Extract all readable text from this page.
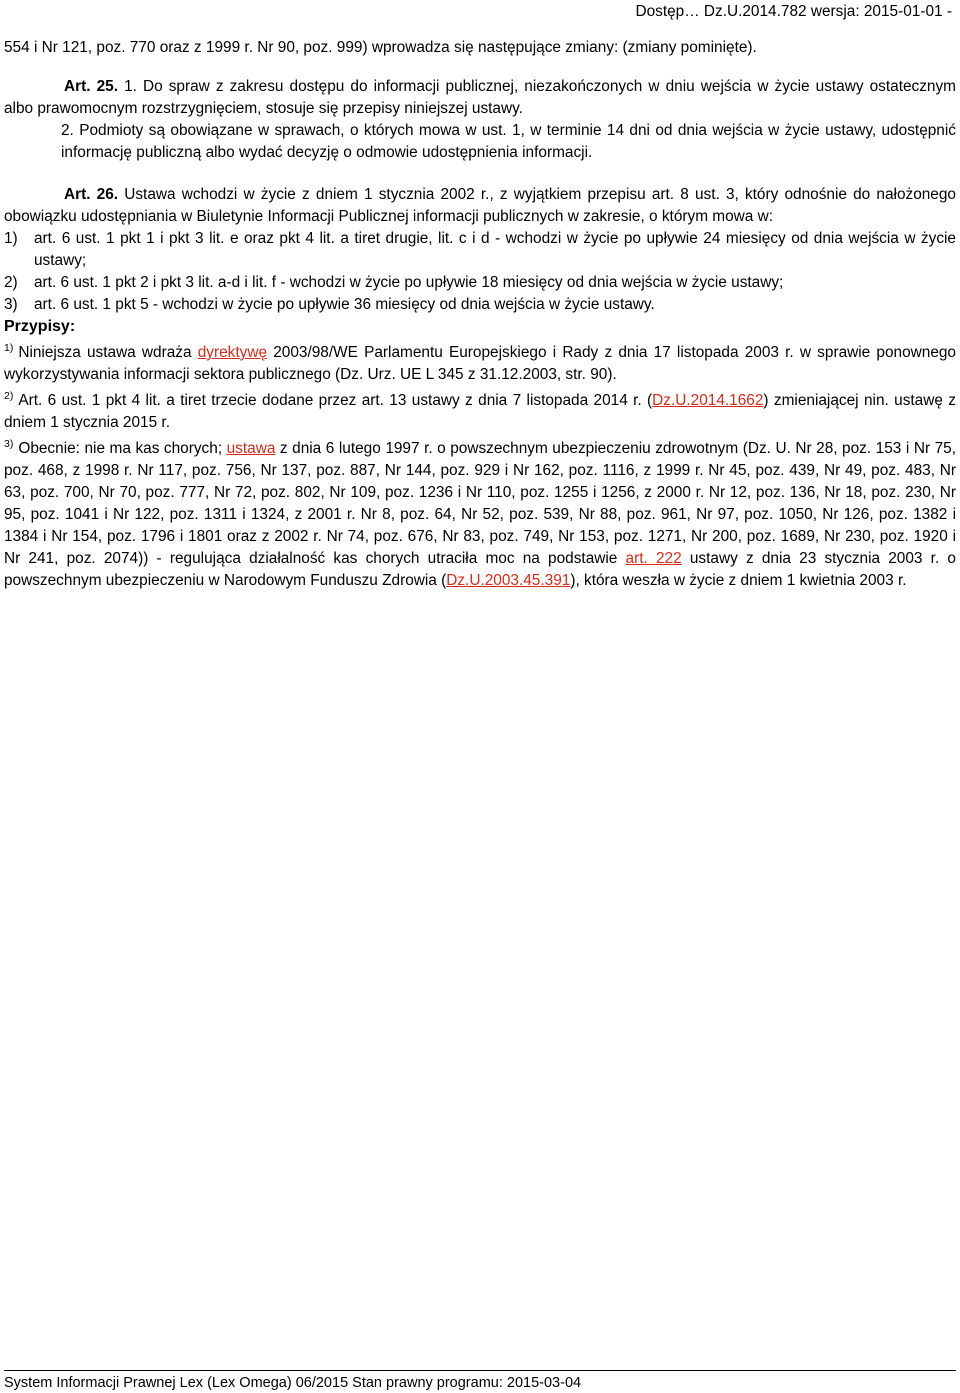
Dostęp… Dz.U.2014.782 wersja: 2015-01-01 -

554 i Nr 121, poz. 770 oraz z 1999 r. Nr 90, poz. 999) wprowadza się następujące zmiany: (zmiany pominięte).

Art. 25. 1. Do spraw z zakresu dostępu do informacji publicznej, niezakończonych w dniu wejścia w życie ustawy ostatecznym albo prawomocnym rozstrzygnięciem, stosuje się przepisy niniejszej ustawy.

2. Podmioty są obowiązane w sprawach, o których mowa w ust. 1, w terminie 14 dni od dnia wejścia w życie ustawy, udostępnić informację publiczną albo wydać decyzję o odmowie udostępnienia informacji.

Art. 26. Ustawa wchodzi w życie z dniem 1 stycznia 2002 r., z wyjątkiem przepisu art. 8 ust. 3, który odnośnie do nałożonego obowiązku udostępniania w Biuletynie Informacji Publicznej informacji publicznych w zakresie, o którym mowa w:

1)	art. 6 ust. 1 pkt 1 i pkt 3 lit. e oraz pkt 4 lit. a tiret drugie, lit. c i d - wchodzi w życie po upływie 24 miesięcy od dnia wejścia w życie ustawy;
2)	art. 6 ust. 1 pkt 2 i pkt 3 lit. a-d i lit. f - wchodzi w życie po upływie 18 miesięcy od dnia wejścia w życie ustawy;
3)	art. 6 ust. 1 pkt 5 - wchodzi w życie po upływie 36 miesięcy od dnia wejścia w życie ustawy.

Przypisy:

$^{1)}$ Niniejsza ustawa wdraża dyrektywę 2003/98/WE Parlamentu Europejskiego i Rady z dnia 17 listopada 2003 r. w sprawie ponownego wykorzystywania informacji sektora publicznego (Dz. Urz. UE L 345 z 31.12.2003, str. 90).

$^{2)}$ Art. 6 ust. 1 pkt 4 lit. a tiret trzecie dodane przez art. 13 ustawy z dnia 7 listopada 2014 r. (Dz.U.2014.1662) zmieniającej nin. ustawę z dniem 1 stycznia 2015 r.

$^{3)}$ Obecnie: nie ma kas chorych; ustawa z dnia 6 lutego 1997 r. o powszechnym ubezpieczeniu zdrowotnym (Dz. U. Nr 28, poz. 153 i Nr 75, poz. 468, z 1998 r. Nr 117, poz. 756, Nr 137, poz. 887, Nr 144, poz. 929 i Nr 162, poz. 1116, z 1999 r. Nr 45, poz. 439, Nr 49, poz. 483, Nr 63, poz. 700, Nr 70, poz. 777, Nr 72, poz. 802, Nr 109, poz. 1236 i Nr 110, poz. 1255 i 1256, z 2000 r. Nr 12, poz. 136, Nr 18, poz. 230, Nr 95, poz. 1041 i Nr 122, poz. 1311 i 1324, z 2001 r. Nr 8, poz. 64, Nr 52, poz. 539, Nr 88, poz. 961, Nr 97, poz. 1050, Nr 126, poz. 1382 i 1384 i Nr 154, poz. 1796 i 1801 oraz z 2002 r. Nr 74, poz. 676, Nr 83, poz. 749, Nr 153, poz. 1271, Nr 200, poz. 1689, Nr 230, poz. 1920 i Nr 241, poz. 2074)) - regulująca działalność kas chorych utraciła moc na podstawie art. 222 ustawy z dnia 23 stycznia 2003 r. o powszechnym ubezpieczeniu w Narodowym Funduszu Zdrowia (Dz.U.2003.45.391), która weszła w życie z dniem 1 kwietnia 2003 r.

System Informacji Prawnej Lex (Lex Omega) 06/2015 Stan prawny programu: 2015-03-04
